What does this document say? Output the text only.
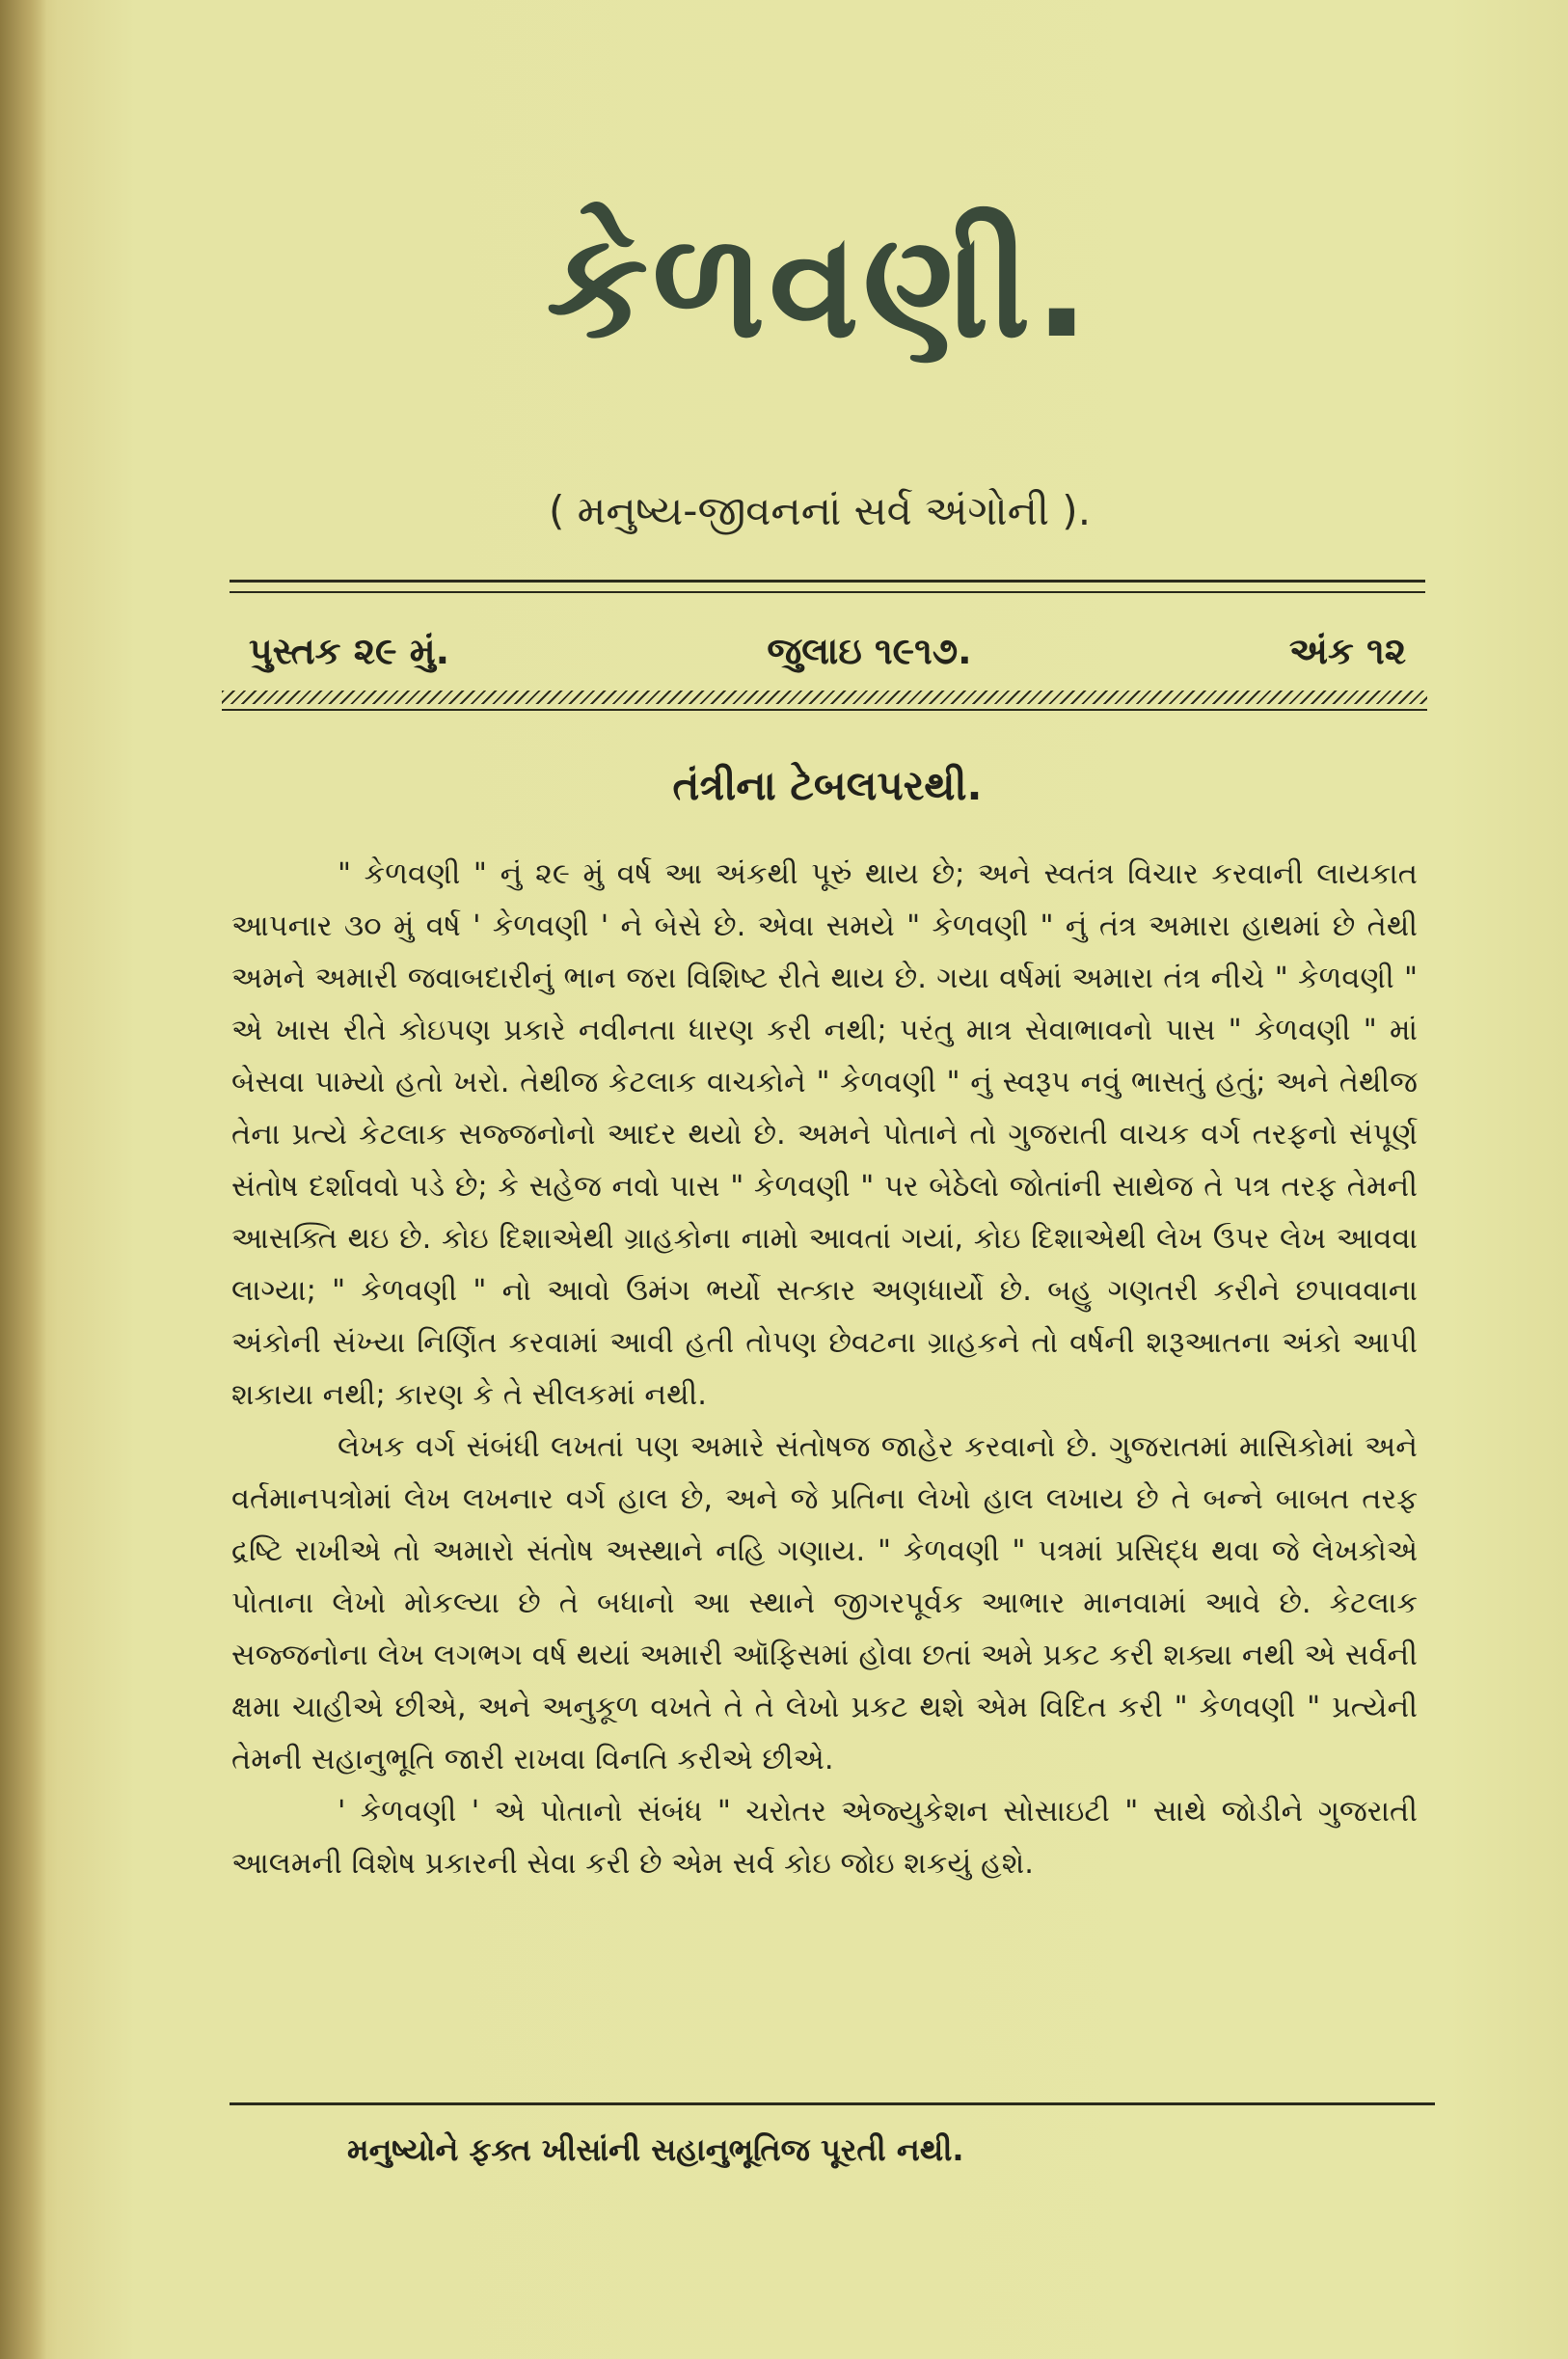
કેળવણી.
( મનુષ્ય-જીવનનાં સર્વ અંગોની ).
પુસ્તક ૨૯ મું.	જુલાઇ ૧૯૧૭.	અંક ૧૨
તંત્રીના ટેબલપરથી.

" કેળવણી " નું ૨૯ મું વર્ષ આ અંકથી પૂરું થાય છે; અને સ્વતંત્ર વિચાર કરવાની લાયકાત આપનાર ૩૦ મું વર્ષ ' કેળવણી ' ને બેસે છે. એવા સમયે " કેળવણી " નું તંત્ર અમારા હાથમાં છે તેથી અમને અમારી જવાબદારીનું ભાન જરા વિશિષ્ટ રીતે થાય છે. ગયા વર્ષમાં અમારા તંત્ર નીચે " કેળવણી " એ ખાસ રીતે કોઇપણ પ્રકારે નવીનતા ધારણ કરી નથી; પરંતુ માત્ર સેવાભાવનો પાસ " કેળવણી " માં બેસવા પામ્યો હતો ખરો. તેથીજ કેટલાક વાચકોને " કેળવણી " નું સ્વરૂપ નવું ભાસતું હતું; અને તેથીજ તેના પ્રત્યે કેટલાક સજ્જનોનો આદર થયો છે. અમને પોતાને તો ગુજરાતી વાચક વર્ગ તરફનો સંપૂર્ણ સંતોષ દર્શાવવો પડે છે; કે સહેજ નવો પાસ " કેળવણી " પર બેઠેલો જોતાંની સાથેજ તે પત્ર તરફ તેમની આસક્તિ થઇ છે. કોઇ દિશાએથી ગ્રાહકોના નામો આવતાં ગયાં, કોઇ દિશાએથી લેખ ઉપર લેખ આવવા લાગ્યા; " કેળવણી " નો આવો ઉમંગ ભર્યો સત્કાર અણધાર્યો છે. બહુ ગણતરી કરીને છપાવવાના અંકોની સંખ્યા નિર્ણિત કરવામાં આવી હતી તોપણ છેવટના ગ્રાહકને તો વર્ષની શરૂઆતના અંકો આપી શકાયા નથી; કારણ કે તે સીલકમાં નથી.

લેખક વર્ગ સંબંધી લખતાં પણ અમારે સંતોષજ જાહેર કરવાનો છે. ગુજરાતમાં માસિકોમાં અને વર્તમાનપત્રોમાં લેખ લખનાર વર્ગ હાલ છે, અને જે પ્રતિના લેખો હાલ લખાય છે તે બન્ને બાબત તરફ દ્રષ્ટિ રાખીએ તો અમારો સંતોષ અસ્થાને નહિ ગણાય. " કેળવણી " પત્રમાં પ્રસિદ્ધ થવા જે લેખકોએ પોતાના લેખો મોકલ્યા છે તે બધાનો આ સ્થાને જીગરપૂર્વક આભાર માનવામાં આવે છે. કેટલાક સજ્જનોના લેખ લગભગ વર્ષ થયાં અમારી ઑફિસમાં હોવા છતાં અમે પ્રકટ કરી શક્યા નથી એ સર્વની ક્ષમા ચાહીએ છીએ, અને અનુકૂળ વખતે તે તે લેખો પ્રકટ થશે એમ વિદિત કરી " કેળવણી " પ્રત્યેની તેમની સહાનુભૂતિ જારી રાખવા વિનતિ કરીએ છીએ.

' કેળવણી ' એ પોતાનો સંબંધ " ચરોતર એજ્યુકેશન સોસાઇટી " સાથે જોડીને ગુજરાતી આલમની વિશેષ પ્રકારની સેવા કરી છે એમ સર્વ કોઇ જોઇ શકયું હશે.

મનુષ્યોને ફક્ત ખીસાંની સહાનુભૂતિજ પૂરતી નથી.
